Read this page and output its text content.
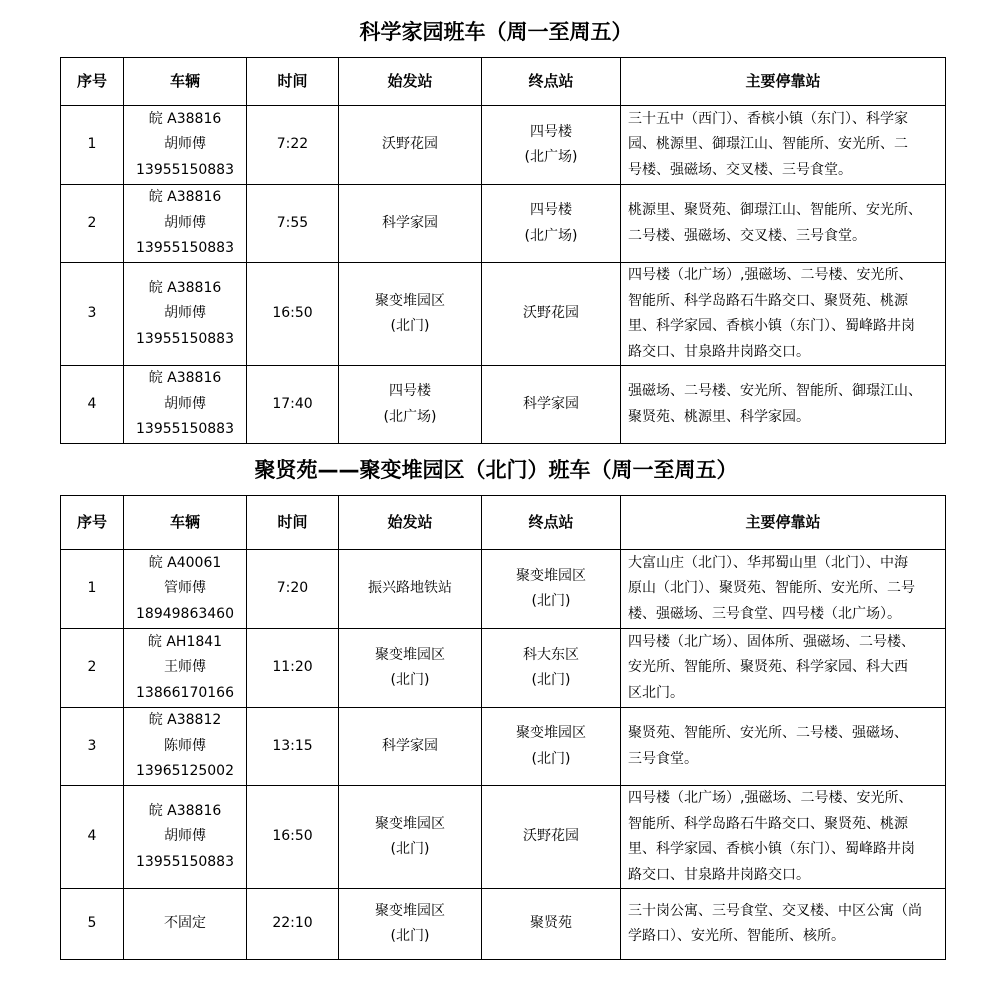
科学家园班车（周一至周五）
序号	车辆	时间	始发站	终点站	主要停靠站
1	皖 A38816
胡师傅
13955150883	7:22	沃野花园	四号楼
(北广场)	三十五中（西门）、香槟小镇（东门）、科学家
园、桃源里、御璟江山、智能所、安光所、二
号楼、强磁场、交叉楼、三号食堂。

2	皖 A38816
胡师傅
13955150883	7:55	科学家园	四号楼
(北广场)	桃源里、聚贤苑、御璟江山、智能所、安光所、
二号楼、强磁场、交叉楼、三号食堂。

3	皖 A38816
胡师傅
13955150883	16:50	聚变堆园区
(北门)	沃野花园	四号楼（北广场）,强磁场、二号楼、安光所、
智能所、科学岛路石牛路交口、聚贤苑、桃源
里、科学家园、香槟小镇（东门）、蜀峰路井岗
路交口、甘泉路井岗路交口。

4	皖 A38816
胡师傅
13955150883	17:40	四号楼
(北广场)	科学家园	强磁场、二号楼、安光所、智能所、御璟江山、
聚贤苑、桃源里、科学家园。
聚贤苑——聚变堆园区（北门）班车（周一至周五）
序号	车辆	时间	始发站	终点站	主要停靠站
1	皖 A40061
管师傅
18949863460	7:20	振兴路地铁站	聚变堆园区
(北门)	大富山庄（北门）、华邦蜀山里（北门）、中海
原山（北门）、聚贤苑、智能所、安光所、二号
楼、强磁场、三号食堂、四号楼（北广场）。

2	皖 AH1841
王师傅
13866170166	11:20	聚变堆园区
(北门)	科大东区
(北门)	四号楼（北广场）、固体所、强磁场、二号楼、
安光所、智能所、聚贤苑、科学家园、科大西
区北门。

3	皖 A38812
陈师傅
13965125002	13:15	科学家园	聚变堆园区
(北门)	聚贤苑、智能所、安光所、二号楼、强磁场、
三号食堂。

4	皖 A38816
胡师傅
13955150883	16:50	聚变堆园区
(北门)	沃野花园	四号楼（北广场）,强磁场、二号楼、安光所、
智能所、科学岛路石牛路交口、聚贤苑、桃源
里、科学家园、香槟小镇（东门）、蜀峰路井岗
路交口、甘泉路井岗路交口。

5	不固定	22:10	聚变堆园区
(北门)	聚贤苑	三十岗公寓、三号食堂、交叉楼、中区公寓（尚
学路口）、安光所、智能所、核所。
